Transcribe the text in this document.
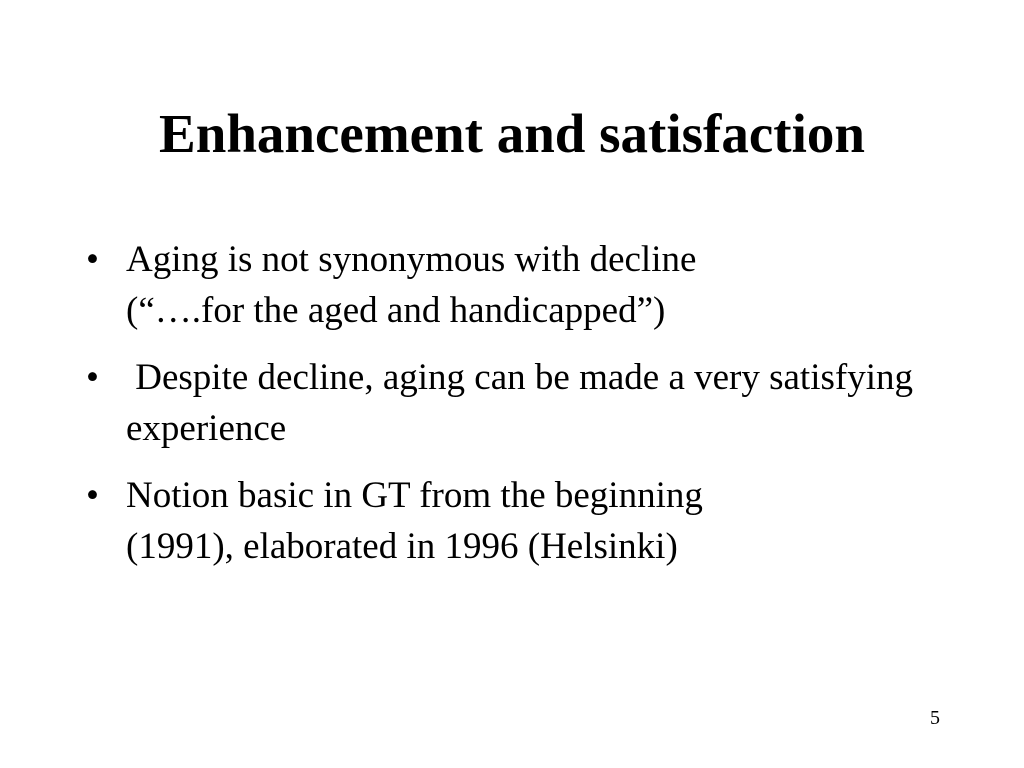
Enhancement and satisfaction
• Aging is not synonymous with decline
(“….for the aged and handicapped”)
• Despite decline, aging can be made a very satisfying experience
• Notion basic in GT from the beginning
(1991), elaborated in 1996 (Helsinki)
5
